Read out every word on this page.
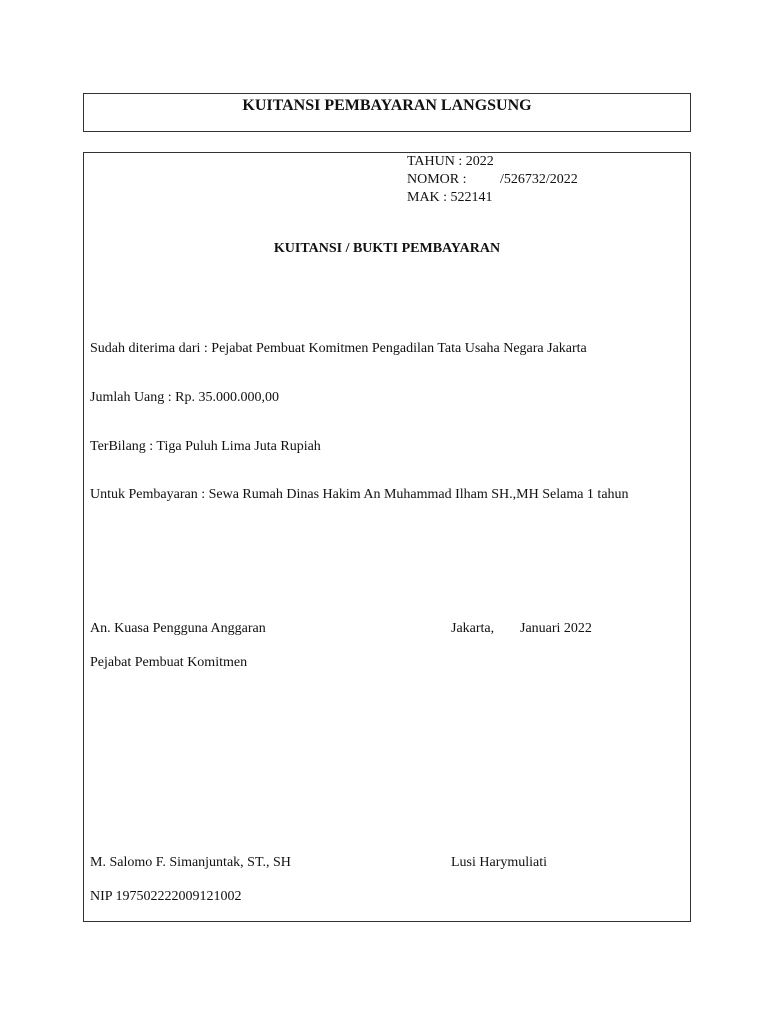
KUITANSI PEMBAYARAN LANGSUNG
TAHUN : 2022
NOMOR : /526732/2022
MAK : 522141
KUITANSI / BUKTI PEMBAYARAN
Sudah diterima dari : Pejabat Pembuat Komitmen Pengadilan Tata Usaha Negara Jakarta
Jumlah Uang : Rp. 35.000.000,00
TerBilang : Tiga Puluh Lima Juta Rupiah
Untuk Pembayaran : Sewa Rumah Dinas Hakim An Muhammad Ilham SH.,MH Selama 1 tahun
An. Kuasa Pengguna Anggaran	Jakarta, Januari 2022
Pejabat Pembuat Komitmen
M. Salomo F. Simanjuntak, ST., SH	Lusi Harymuliati
NIP 197502222009121002
